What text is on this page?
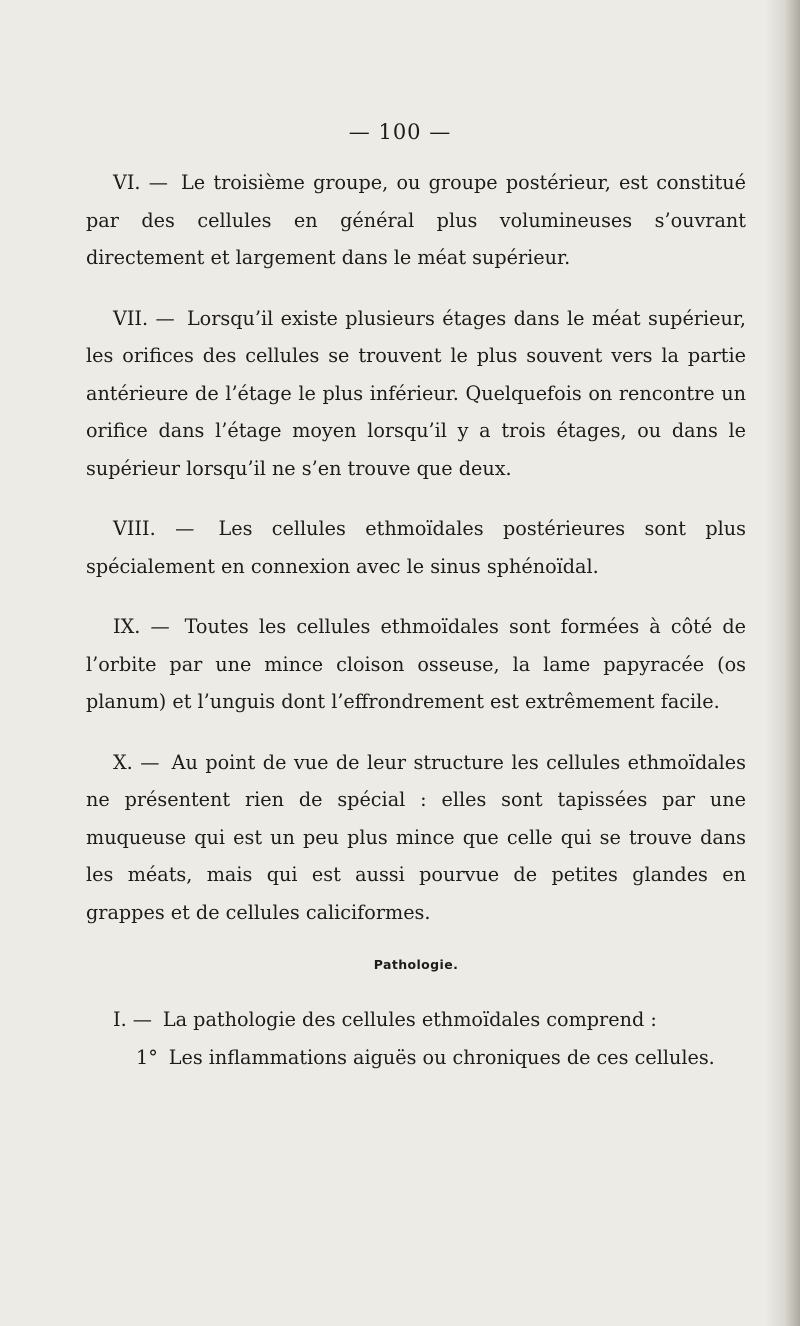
— 100 —

VI. — Le troisième groupe, ou groupe postérieur, est constitué par des cellules en général plus volumineuses s’ouvrant directement et largement dans le méat supérieur.

VII. — Lorsqu’il existe plusieurs étages dans le méat supérieur, les orifices des cellules se trouvent le plus souvent vers la partie antérieure de l’étage le plus inférieur. Quelquefois on rencontre un orifice dans l’étage moyen lorsqu’il y a trois étages, ou dans le supérieur lorsqu’il ne s’en trouve que deux.

VIII. — Les cellules ethmoïdales postérieures sont plus spécialement en connexion avec le sinus sphénoïdal.

IX. — Toutes les cellules ethmoïdales sont formées à côté de l’orbite par une mince cloison osseuse, la lame papyracée (os planum) et l’unguis dont l’effrondrement est extrêmement facile.

X. — Au point de vue de leur structure les cellules ethmoïdales ne présentent rien de spécial : elles sont tapissées par une muqueuse qui est un peu plus mince que celle qui se trouve dans les méats, mais qui est aussi pourvue de petites glandes en grappes et de cellules caliciformes.

Pathologie.

I. — La pathologie des cellules ethmoïdales comprend :

1° Les inflammations aiguës ou chroniques de ces cellules.
